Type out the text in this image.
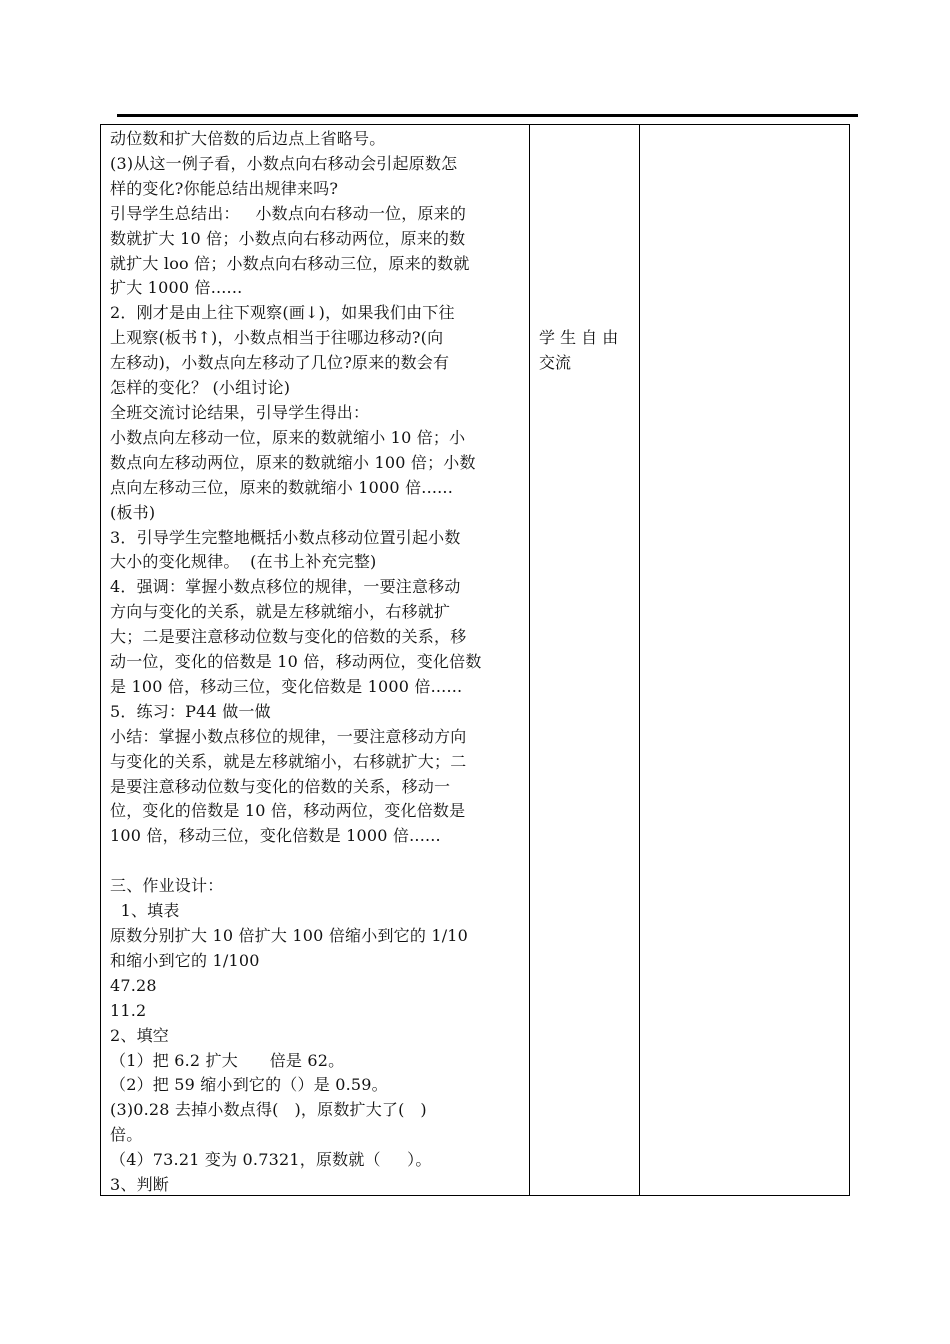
动位数和扩大倍数的后边点上省略号。
(3)从这一例子看，小数点向右移动会引起原数怎
样的变化?你能总结出规律来吗?
引导学生总结出：   小数点向右移动一位，原来的
数就扩大 10 倍；小数点向右移动两位，原来的数
就扩大 loo 倍；小数点向右移动三位，原来的数就
扩大 1000 倍......
2．刚才是由上往下观察(画↓)，如果我们由下往
上观察(板书↑)，小数点相当于往哪边移动?(向
左移动)，小数点向左移动了几位?原来的数会有
怎样的变化？ (小组讨论)
全班交流讨论结果，引导学生得出：
小数点向左移动一位，原来的数就缩小 10 倍；小
数点向左移动两位，原来的数就缩小 100 倍；小数
点向左移动三位，原来的数就缩小 1000 倍......
(板书)
3．引导学生完整地概括小数点移动位置引起小数
大小的变化规律。  (在书上补充完整)
4．强调：掌握小数点移位的规律，一要注意移动
方向与变化的关系，就是左移就缩小，右移就扩
大；二是要注意移动位数与变化的倍数的关系，移
动一位，变化的倍数是 10 倍，移动两位，变化倍数
是 100 倍，移动三位，变化倍数是 1000 倍......
5．练习：P44 做一做
小结：掌握小数点移位的规律，一要注意移动方向
与变化的关系，就是左移就缩小，右移就扩大；二
是要注意移动位数与变化的倍数的关系，移动一
位，变化的倍数是 10 倍，移动两位，变化倍数是
100 倍，移动三位，变化倍数是 1000 倍......

三、作业设计：
1、填表
原数分别扩大 10 倍扩大 100 倍缩小到它的 1/10
和缩小到它的 1/100
47.28
11.2
2、填空
（1）把 6.2 扩大      倍是 62。
（2）把 59 缩小到它的（）是 0.59。
(3)0.28 去掉小数点得(   )，原数扩大了(   )
倍。
（4）73.21 变为 0.7321，原数就（     ）。
3、判断
学 生 自 由
交流
